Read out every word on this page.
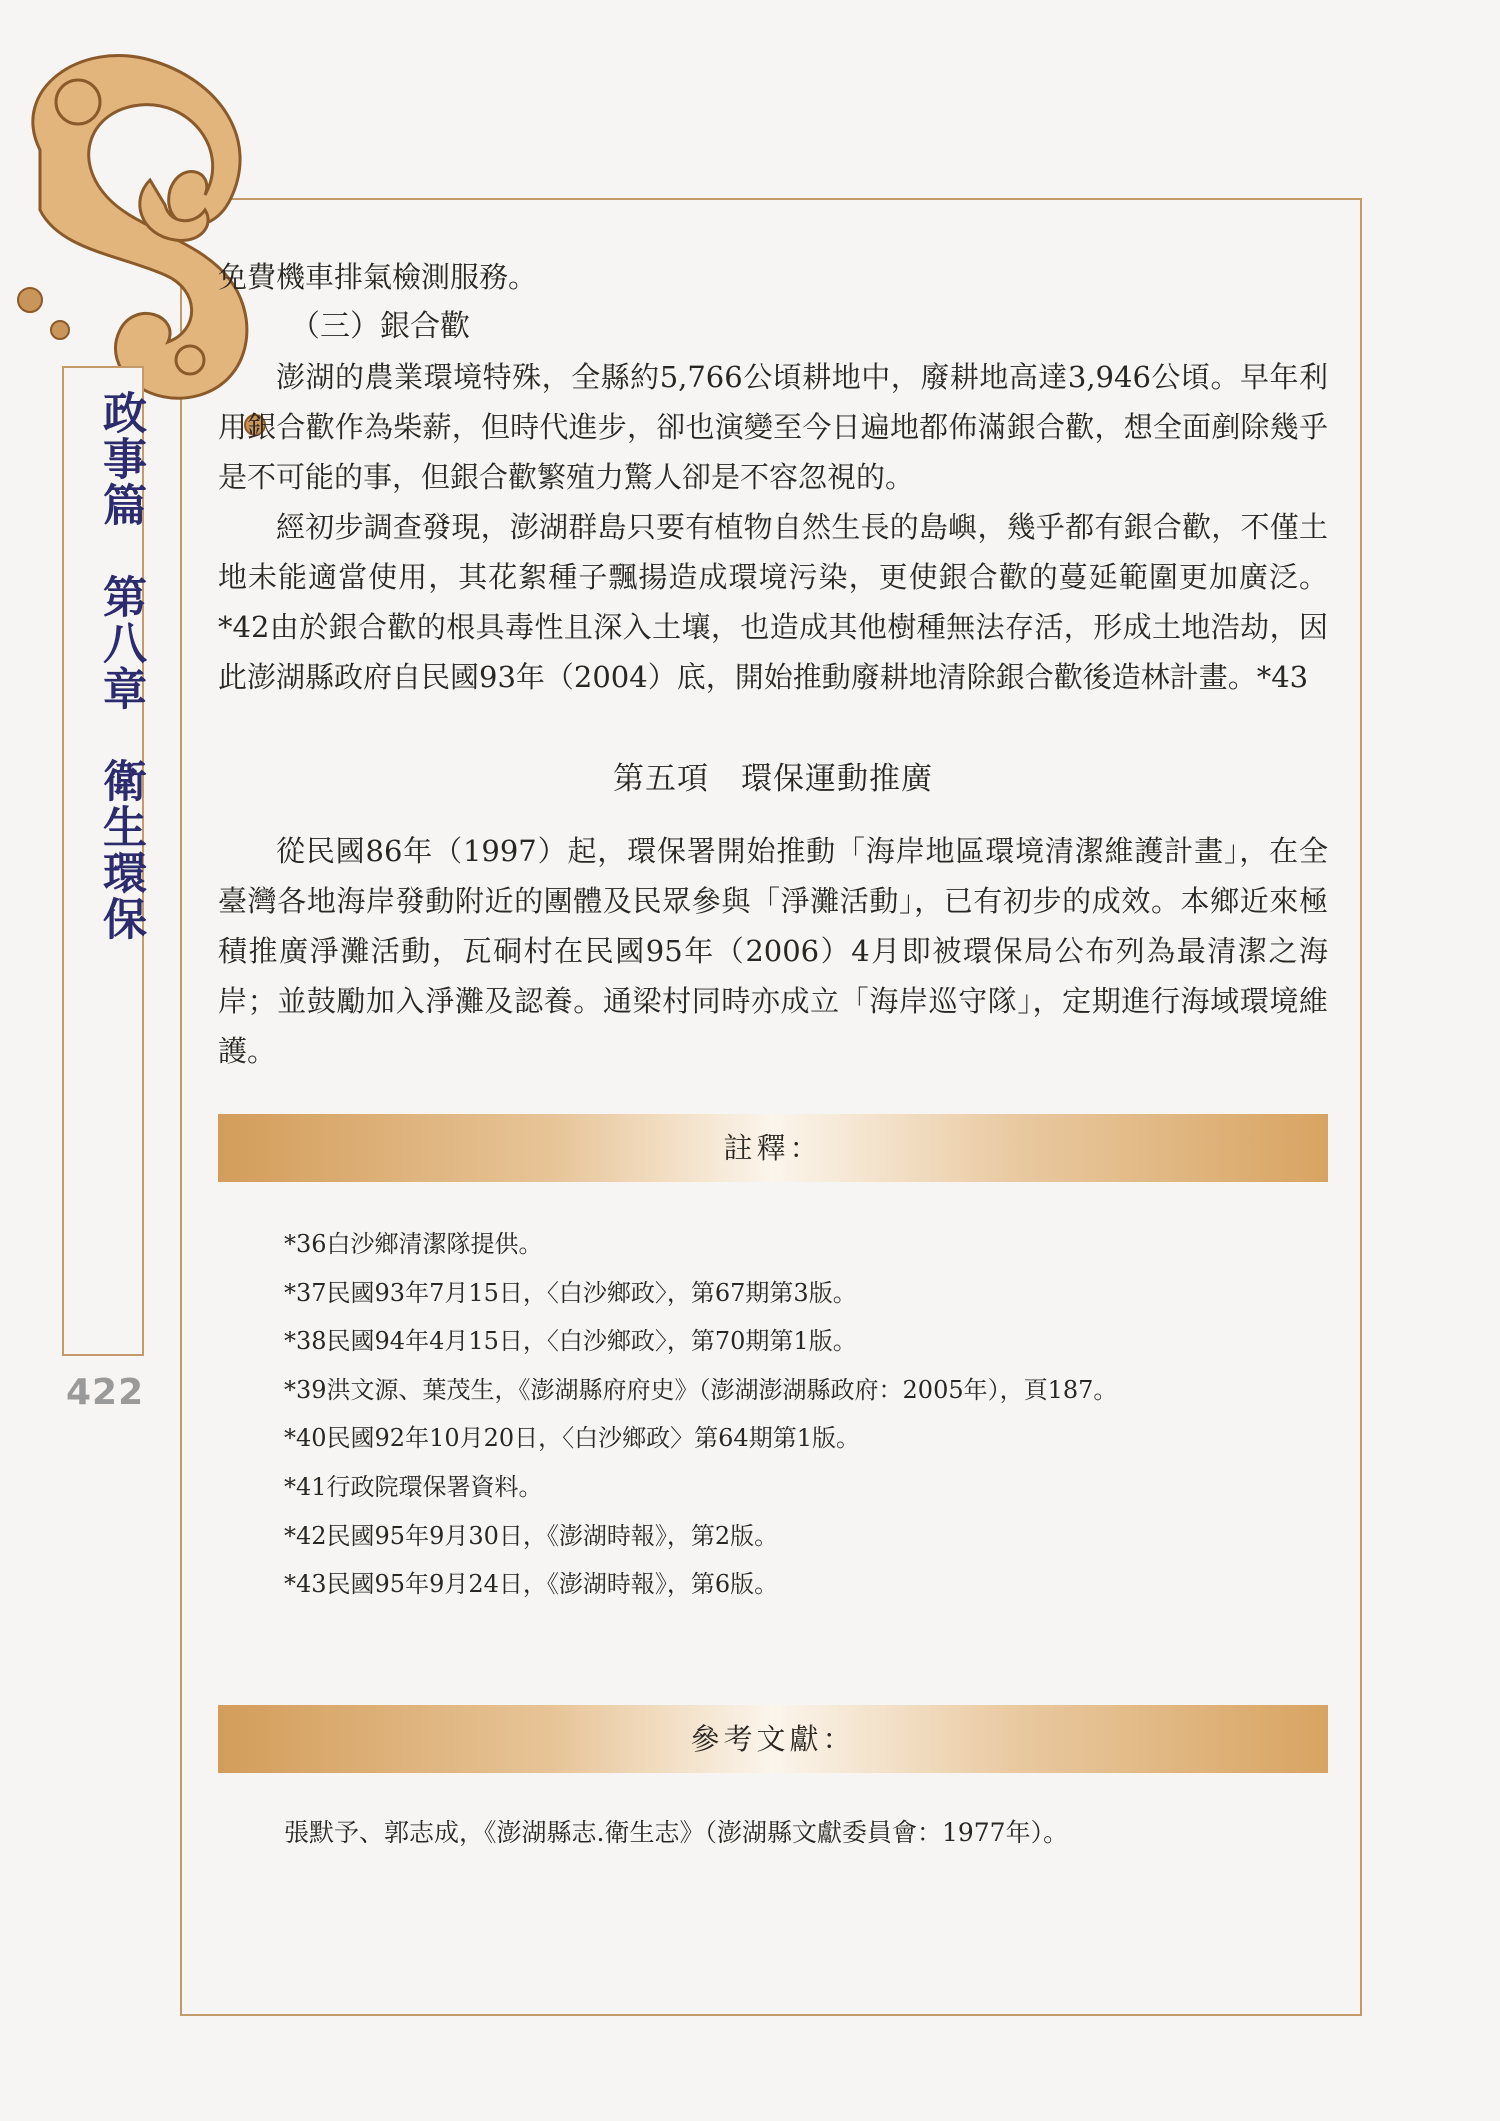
政事篇　第八章　衛生環保
422

免費機車排氣檢測服務。

（三）銀合歡

澎湖的農業環境特殊，全縣約5,766公頃耕地中，廢耕地高達3,946公頃。早年利用銀合歡作為柴薪，但時代進步，卻也演變至今日遍地都佈滿銀合歡，想全面剷除幾乎是不可能的事，但銀合歡繁殖力驚人卻是不容忽視的。

經初步調查發現，澎湖群島只要有植物自然生長的島嶼，幾乎都有銀合歡，不僅土地未能適當使用，其花絮種子飄揚造成環境污染，更使銀合歡的蔓延範圍更加廣泛。*42由於銀合歡的根具毒性且深入土壤，也造成其他樹種無法存活，形成土地浩劫，因此澎湖縣政府自民國93年（2004）底，開始推動廢耕地清除銀合歡後造林計畫。*43

第五項　環保運動推廣

從民國86年（1997）起，環保署開始推動「海岸地區環境清潔維護計畫」，在全臺灣各地海岸發動附近的團體及民眾參與「淨灘活動」，已有初步的成效。本鄉近來極積推廣淨灘活動，瓦硐村在民國95年（2006）4月即被環保局公布列為最清潔之海岸；並鼓勵加入淨灘及認養。通梁村同時亦成立「海岸巡守隊」，定期進行海域環境維護。

註釋：
*36白沙鄉清潔隊提供。
*37民國93年7月15日，〈白沙鄉政〉，第67期第3版。
*38民國94年4月15日，〈白沙鄉政〉，第70期第1版。
*39洪文源、葉茂生，《澎湖縣府府史》（澎湖澎湖縣政府：2005年），頁187。
*40民國92年10月20日，〈白沙鄉政〉第64期第1版。
*41行政院環保署資料。
*42民國95年9月30日，《澎湖時報》，第2版。
*43民國95年9月24日，《澎湖時報》，第6版。
參考文獻：
張默予、郭志成，《澎湖縣志.衛生志》（澎湖縣文獻委員會：1977年）。
